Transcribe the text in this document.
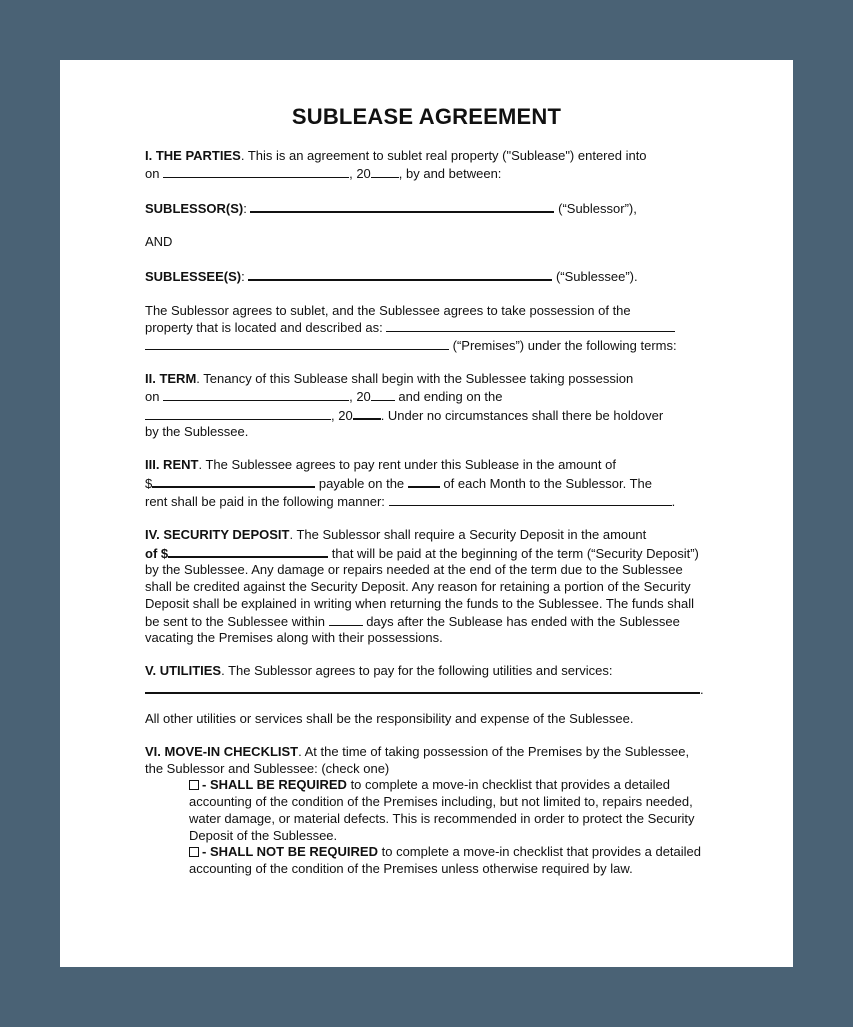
SUBLEASE AGREEMENT
I. THE PARTIES. This is an agreement to sublet real property ("Sublease") entered into
on	, 20 , by and between:
SUBLESSOR(S):	(“Sublessor”),
AND
SUBLESSEE(S):	(“Sublessee”).
The Sublessor agrees to sublet, and the Sublessee agrees to take possession of the
property that is located and described as:
(“Premises”) under the following terms:
II. TERM. Tenancy of this Sublease shall begin with the Sublessee taking possession
on	, 20 and ending on the
, 20 . Under no circumstances shall there be holdover
by the Sublessee.
III. RENT. The Sublessee agrees to pay rent under this Sublease in the amount of
$	payable on the	of each Month to the Sublessor. The
rent shall be paid in the following manner:	.
IV. SECURITY DEPOSIT. The Sublessor shall require a Security Deposit in the amount
of $	that will be paid at the beginning of the term (“Security Deposit”) by the Sublessee. Any damage or repairs needed at the end of the term due to the Sublessee shall be credited against the Security Deposit. Any reason for retaining a portion of the Security Deposit shall be explained in writing when returning the funds to the Sublessee. The funds shall be sent to the Sublessee within	days after the Sublease has ended with the Sublessee vacating the Premises along with their possessions.
V. UTILITIES. The Sublessor agrees to pay for the following utilities and services:
.
All other utilities or services shall be the responsibility and expense of the Sublessee.
VI. MOVE-IN CHECKLIST. At the time of taking possession of the Premises by the Sublessee, the Sublessor and Sublessee: (check one)
- SHALL BE REQUIRED to complete a move-in checklist that provides a detailed accounting of the condition of the Premises including, but not limited to, repairs needed, water damage, or material defects. This is recommended in order to protect the Security Deposit of the Sublessee.
- SHALL NOT BE REQUIRED to complete a move-in checklist that provides a detailed accounting of the condition of the Premises unless otherwise required by law.
